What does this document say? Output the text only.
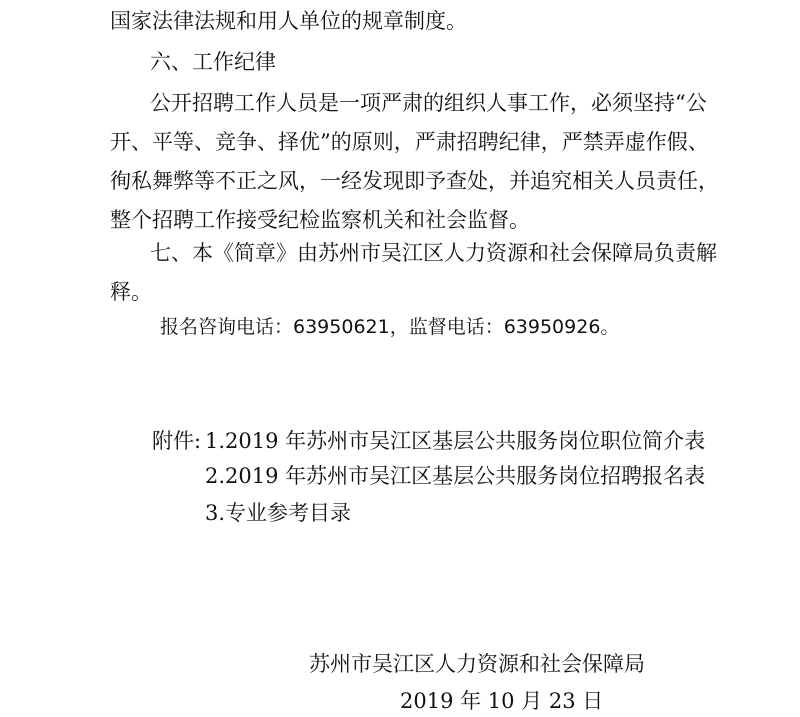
国家法律法规和用人单位的规章制度。
六、工作纪律
公开招聘工作人员是一项严肃的组织人事工作，必须坚持“公
开、平等、竞争、择优”的原则，严肃招聘纪律，严禁弄虚作假、
徇私舞弊等不正之风，一经发现即予查处，并追究相关人员责任，
整个招聘工作接受纪检监察机关和社会监督。
七、本《简章》由苏州市吴江区人力资源和社会保障局负责解
释。
报名咨询电话：63950621，监督电话：63950926。
附件: 1.2019 年苏州市吴江区基层公共服务岗位职位简介表
2.2019 年苏州市吴江区基层公共服务岗位招聘报名表
3.专业参考目录
苏州市吴江区人力资源和社会保障局
2019 年 10 月 23 日
